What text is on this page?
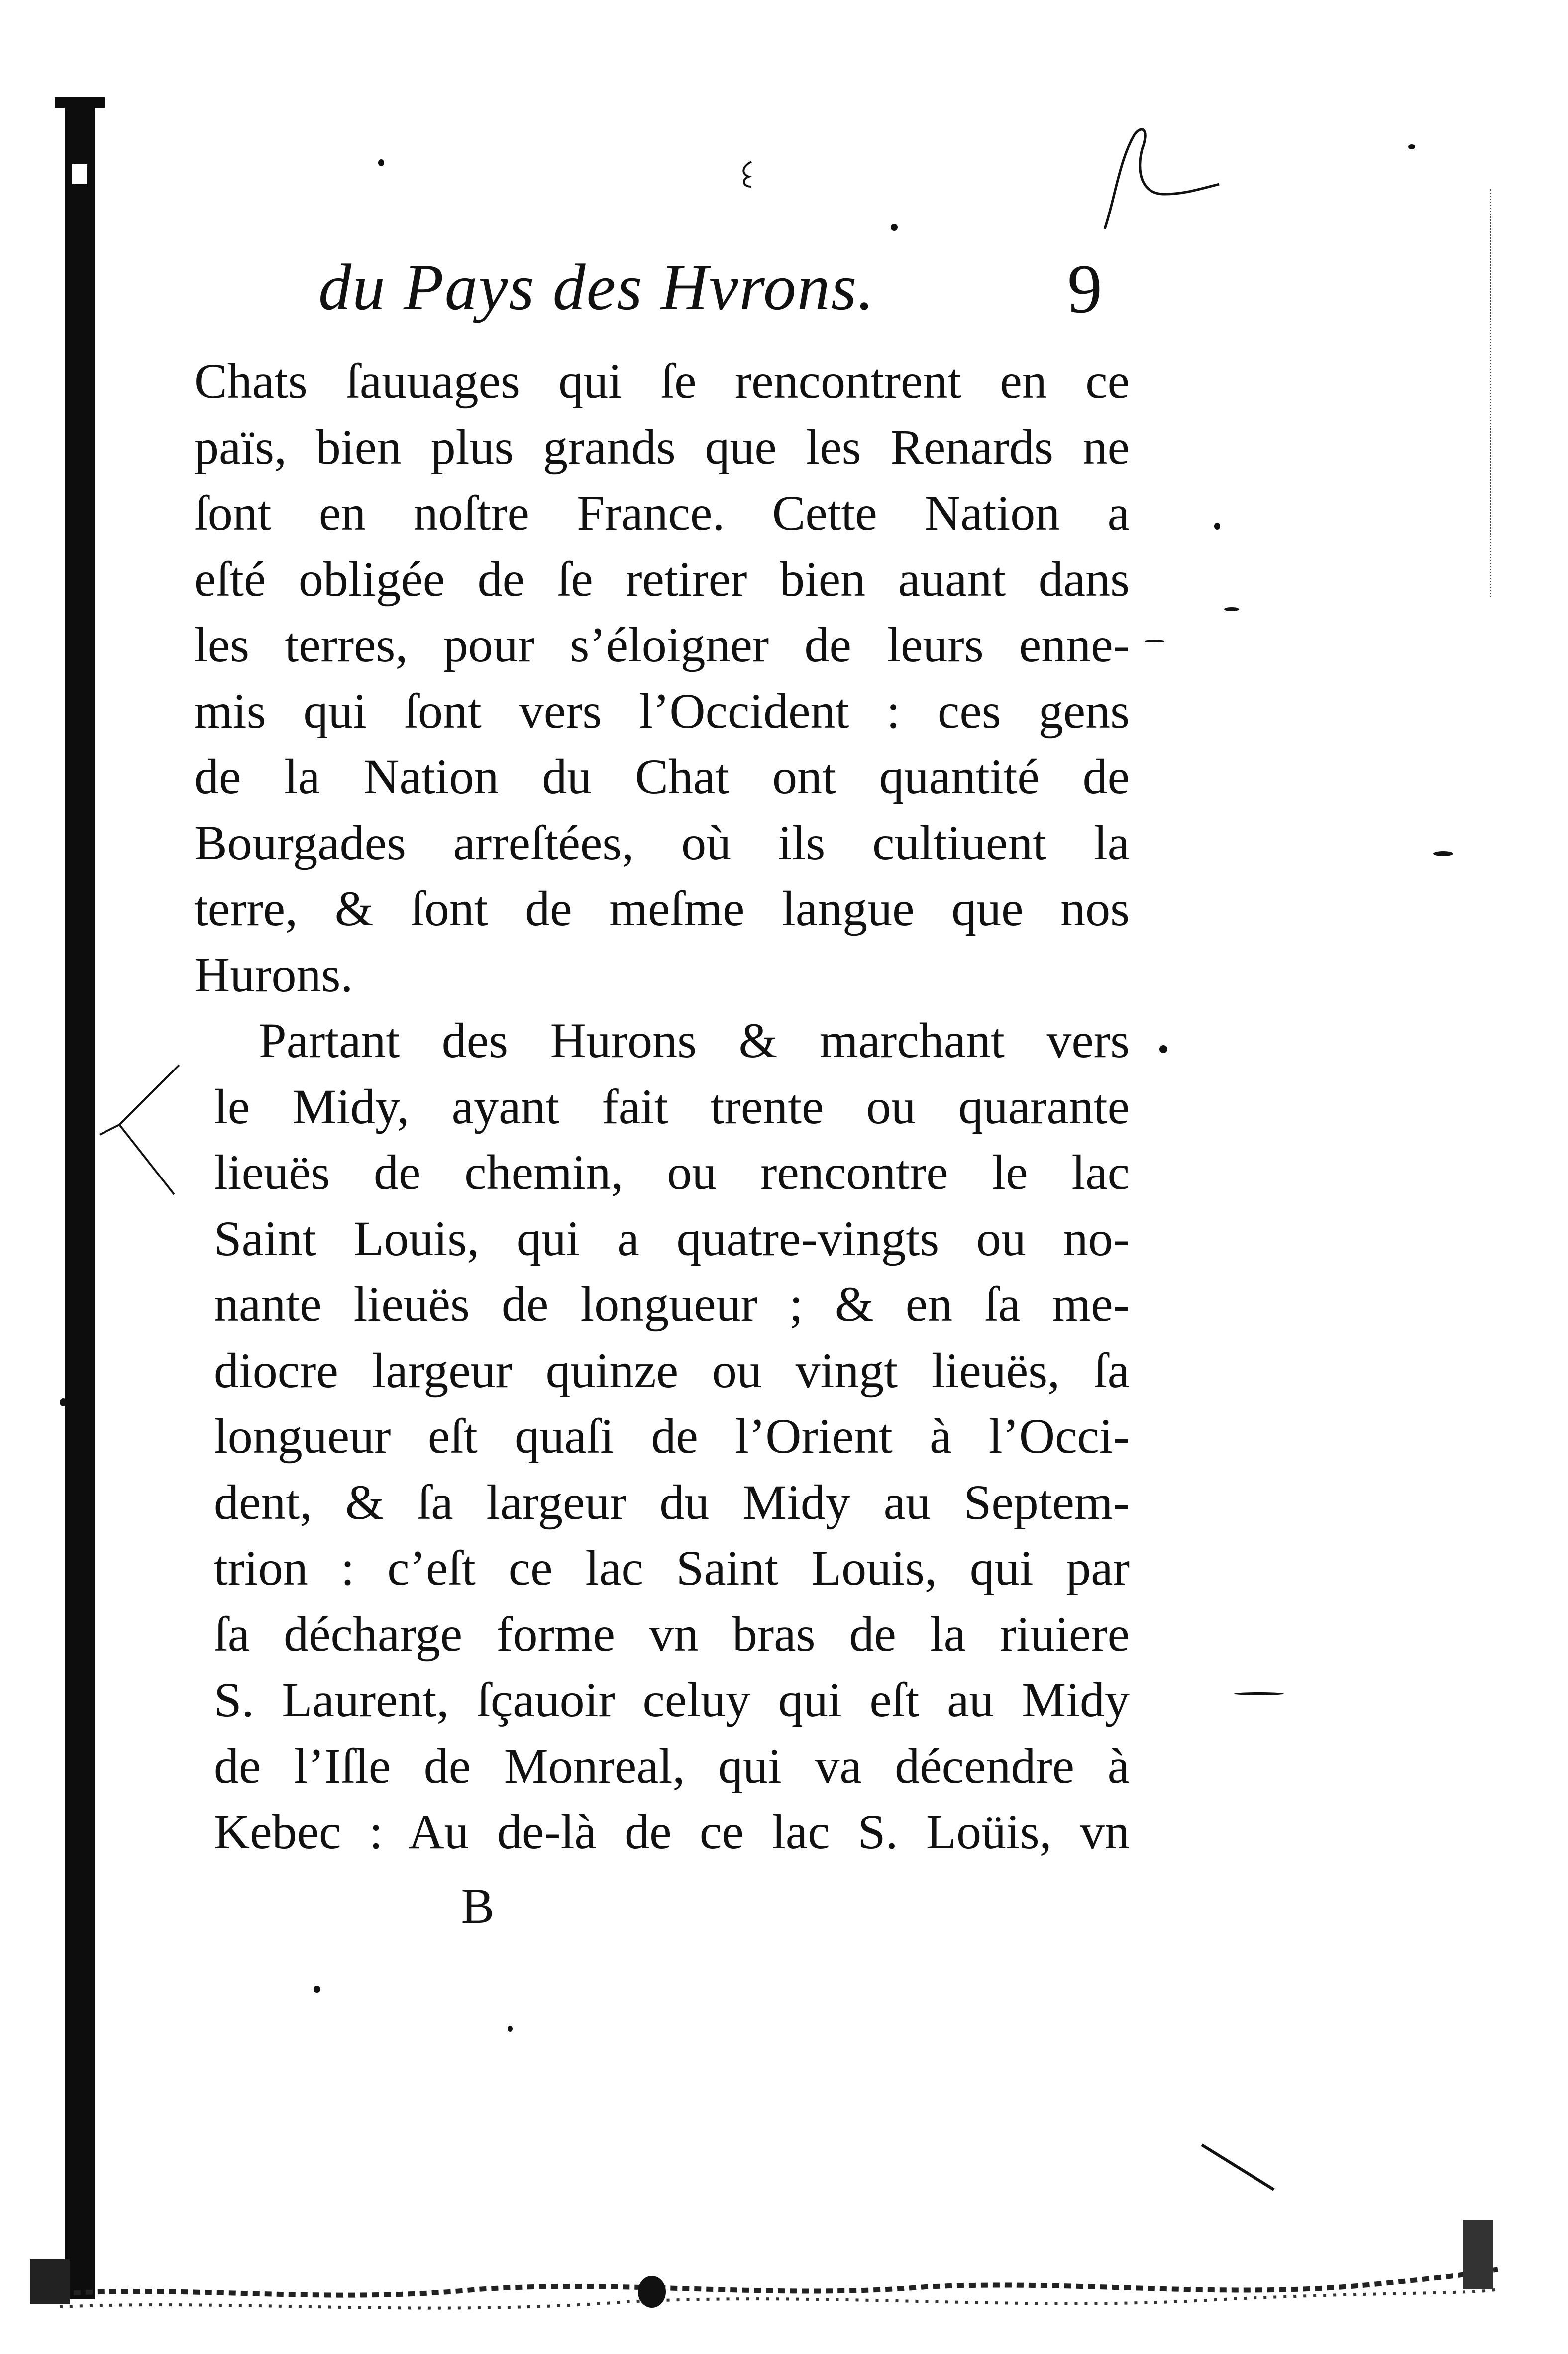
du Pays des Hvrons.	9
Chats ſauuages qui ſe rencontrent en ce
païs, bien plus grands que les Renards ne
ſont en noſtre France. Cette Nation a
eſté obligée de ſe retirer bien auant dans
les terres, pour s’éloigner de leurs enne-
mis qui ſont vers l’Occident : ces gens
de la Nation du Chat ont quantité de
Bourgades arreſtées, où ils cultiuent la
terre, & ſont de meſme langue que nos
Hurons.
Partant des Hurons & marchant vers
le Midy, ayant fait trente ou quarante
lieuës de chemin, ou rencontre le lac
Saint Louis, qui a quatre-vingts ou no-
nante lieuës de longueur ; & en ſa me-
diocre largeur quinze ou vingt lieuës, ſa
longueur eſt quaſi de l’Orient à l’Occi-
dent, & ſa largeur du Midy au Septem-
trion : c’eſt ce lac Saint Louis, qui par
ſa décharge forme vn bras de la riuiere
S. Laurent, ſçauoir celuy qui eſt au Midy
de l’Iſle de Monreal, qui va décendre à
Kebec : Au de-là de ce lac S. Loüis, vn
B
